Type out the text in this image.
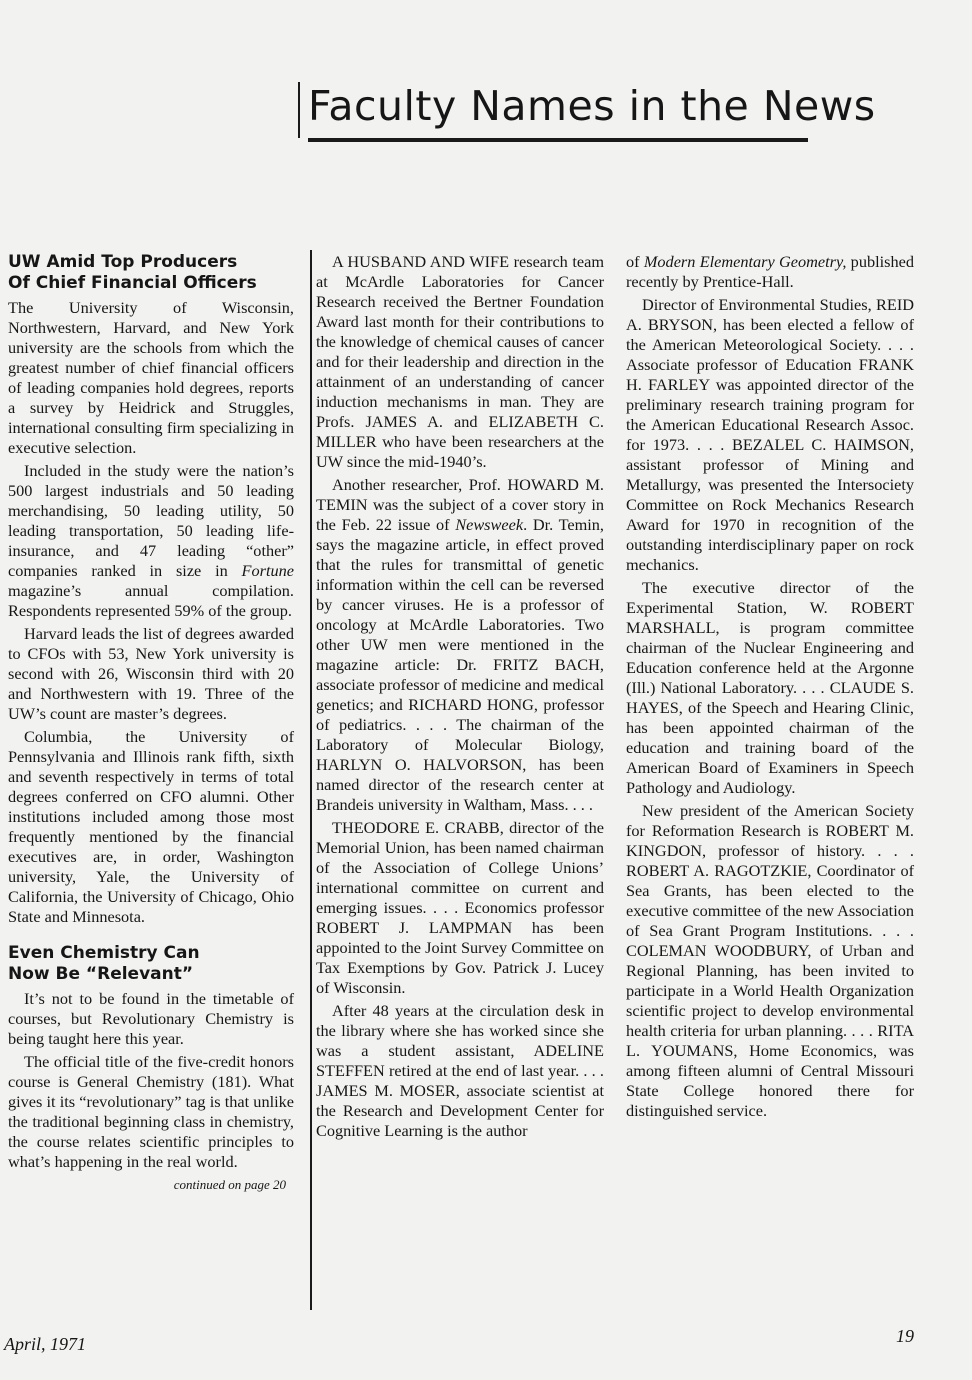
Faculty Names in the News
UW Amid Top Producers
Of Chief Financial Officers

The University of Wisconsin, Northwestern, Harvard, and New York university are the schools from which the greatest number of chief financial officers of leading companies hold degrees, reports a survey by Heidrick and Struggles, international consulting firm specializing in executive selection.

Included in the study were the nation’s 500 largest industrials and 50 leading merchandising, 50 leading utility, 50 leading transportation, 50 leading life-insurance, and 47 leading “other” companies ranked in size in Fortune magazine’s annual compilation. Respondents represented 59% of the group.

Harvard leads the list of degrees awarded to CFOs with 53, New York university is second with 26, Wisconsin third with 20 and Northwestern with 19. Three of the UW’s count are master’s degrees.

Columbia, the University of Pennsylvania and Illinois rank fifth, sixth and seventh respectively in terms of total degrees conferred on CFO alumni. Other institutions included among those most frequently mentioned by the financial executives are, in order, Washington university, Yale, the University of California, the University of Chicago, Ohio State and Minnesota.

Even Chemistry Can
Now Be “Relevant”

It’s not to be found in the timetable of courses, but Revolutionary Chemistry is being taught here this year.

The official title of the five-credit honors course is General Chemistry (181). What gives it its “revolutionary” tag is that unlike the traditional beginning class in chemistry, the course relates scientific principles to what’s happening in the real world.

continued on page 20

A HUSBAND AND WIFE research team at McArdle Laboratories for Cancer Research received the Bertner Foundation Award last month for their contributions to the knowledge of chemical causes of cancer and for their leadership and direction in the attainment of an understanding of cancer induction mechanisms in man. They are Profs. JAMES A. and ELIZABETH C. MILLER who have been researchers at the UW since the mid-1940’s.

Another researcher, Prof. HOWARD M. TEMIN was the subject of a cover story in the Feb. 22 issue of Newsweek. Dr. Temin, says the magazine article, in effect proved that the rules for transmittal of genetic information within the cell can be reversed by cancer viruses. He is a professor of oncology at McArdle Laboratories. Two other UW men were mentioned in the magazine article: Dr. FRITZ BACH, associate professor of medicine and medical genetics; and RICHARD HONG, professor of pediatrics. . . . The chairman of the Laboratory of Molecular Biology, HARLYN O. HALVORSON, has been named director of the research center at Brandeis university in Waltham, Mass. . . .

THEODORE E. CRABB, director of the Memorial Union, has been named chairman of the Association of College Unions’ international committee on current and emerging issues. . . . Economics professor ROBERT J. LAMPMAN has been appointed to the Joint Survey Committee on Tax Exemptions by Gov. Patrick J. Lucey of Wisconsin.

After 48 years at the circulation desk in the library where she has worked since she was a student assistant, ADELINE STEFFEN retired at the end of last year. . . . JAMES M. MOSER, associate scientist at the Research and Development Center for Cognitive Learning is the author

of Modern Elementary Geometry, published recently by Prentice-Hall.

Director of Environmental Studies, REID A. BRYSON, has been elected a fellow of the American Meteorological Society. . . . Associate professor of Education FRANK H. FARLEY was appointed director of the preliminary research training program for the American Educational Research Assoc. for 1973. . . . BEZALEL C. HAIMSON, assistant professor of Mining and Metallurgy, was presented the Intersociety Committee on Rock Mechanics Research Award for 1970 in recognition of the outstanding interdisciplinary paper on rock mechanics.

The executive director of the Experimental Station, W. ROBERT MARSHALL, is program committee chairman of the Nuclear Engineering and Education conference held at the Argonne (Ill.) National Laboratory. . . . CLAUDE S. HAYES, of the Speech and Hearing Clinic, has been appointed chairman of the education and training board of the American Board of Examiners in Speech Pathology and Audiology.

New president of the American Society for Reformation Research is ROBERT M. KINGDON, professor of history. . . . ROBERT A. RAGOTZKIE, Coordinator of Sea Grants, has been elected to the executive committee of the new Association of Sea Grant Program Institutions. . . . COLEMAN WOODBURY, of Urban and Regional Planning, has been invited to participate in a World Health Organization scientific project to develop environmental health criteria for urban planning. . . . RITA L. YOUMANS, Home Economics, was among fifteen alumni of Central Missouri State College honored there for distinguished service.

April, 1971	19
